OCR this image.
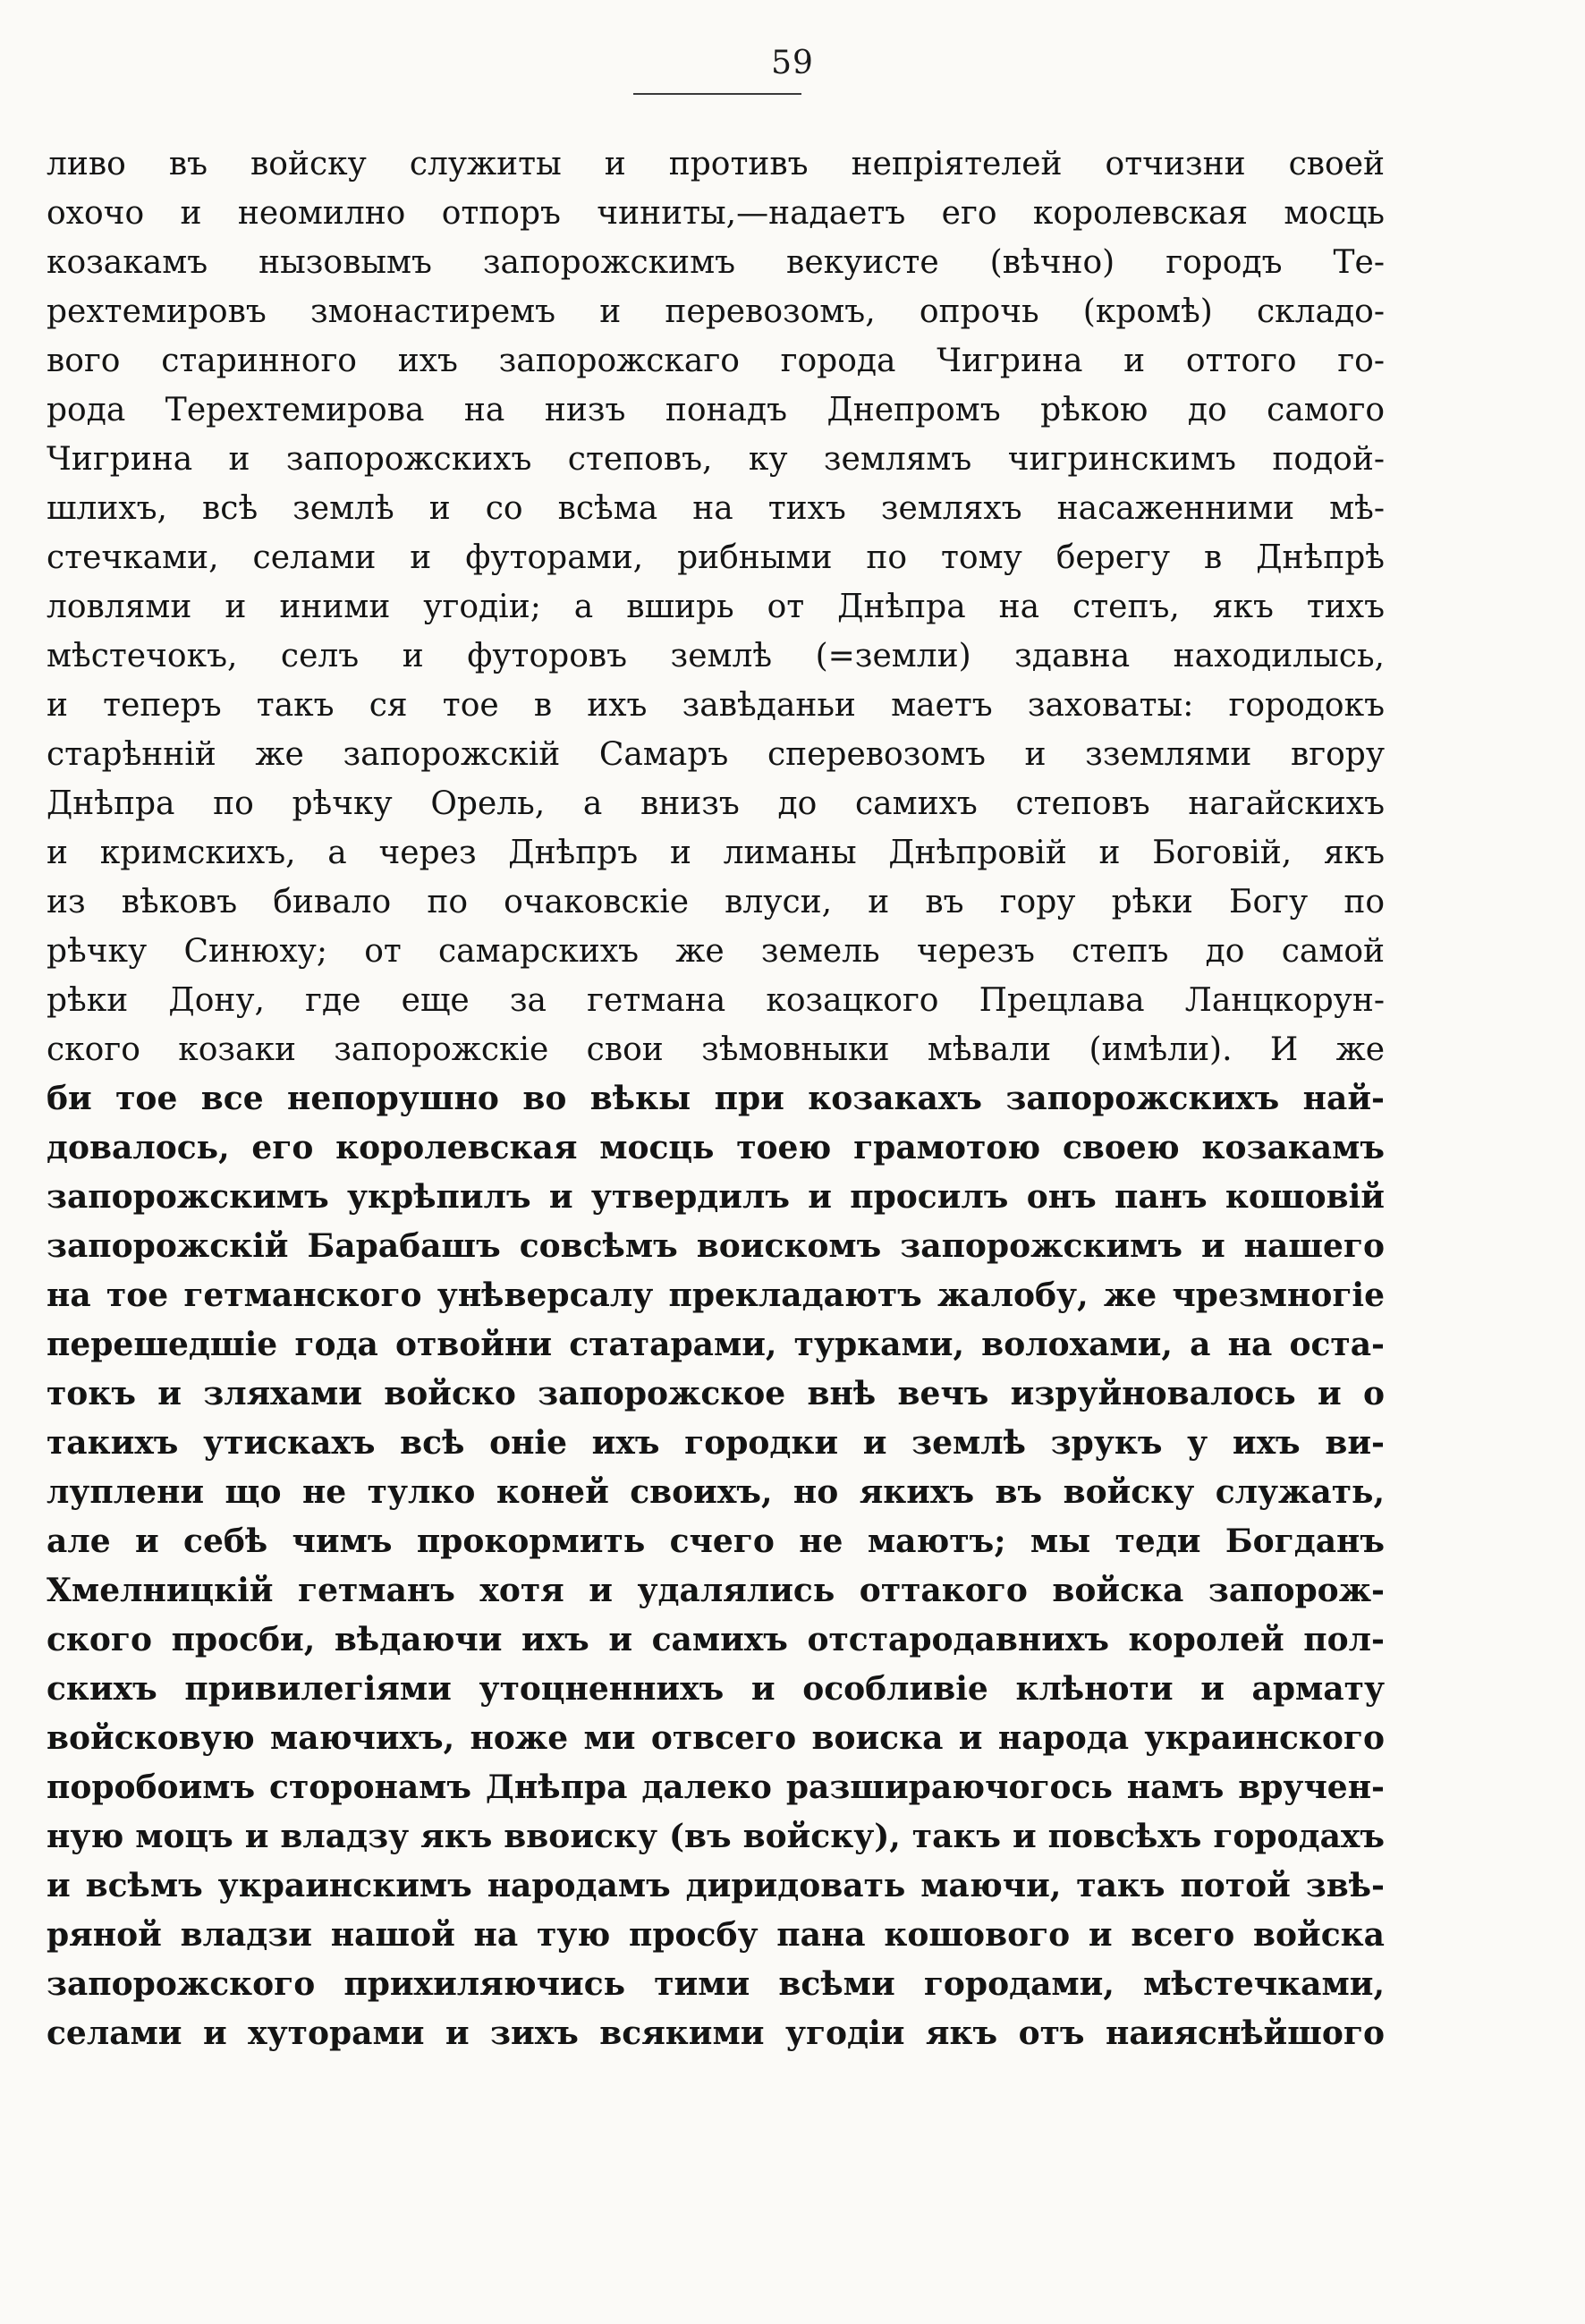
59
ливо въ войску служиты и противъ непріятелей отчизни своей
охочо и неомилно отпоръ чиниты,—надаетъ его королевская мосць
козакамъ нызовымъ запорожскимъ векуисте (вѣчно) городъ Те-
рехтемировъ змонастиремъ и перевозомъ, опрочь (кромѣ) складо-
вого старинного ихъ запорожскаго города Чигрина и оттого го-
рода Терехтемирова на низъ понадъ Днепромъ рѣкою до самого
Чигрина и запорожскихъ степовъ, ку землямъ чигринскимъ подой-
шлихъ, всѣ землѣ и со всѣма на тихъ земляхъ насаженними мѣ-
стечками, селами и футорами, рибными по тому берегу в Днѣпрѣ
ловлями и иними угодіи; а вширь от Днѣпра на степъ, якъ тихъ
мѣстечокъ, селъ и футоровъ землѣ (=земли) здавна находилысь,
и теперъ такъ ся тое в ихъ завѣданьи маетъ заховаты: городокъ
старѣнній же запорожскій Самаръ сперевозомъ и зземлями вгору
Днѣпра по рѣчку Орель, а внизъ до самихъ степовъ нагайскихъ
и кримскихъ, а через Днѣпръ и лиманы Днѣпровій и Боговій, якъ
из вѣковъ бивало по очаковскіе влуси, и въ гору рѣки Богу по
рѣчку Синюху; от самарскихъ же земель черезъ степъ до самой
рѣки Дону, где еще за гетмана козацкого Прецлава Ланцкорун-
ского козаки запорожскіе свои зѣмовныки мѣвали (имѣли). И же
би тое все непорушно во вѣкы при козакахъ запорожскихъ най-
довалось, его королевская мосць тоею грамотою своею козакамъ
запорожскимъ укрѣпилъ и утвердилъ и просилъ онъ панъ кошовій
запорожскій Барабашъ совсѣмъ воискомъ запорожскимъ и нашего
на тое гетманского унѣверсалу прекладаютъ жалобу, же чрезмногіе
перешедшіе года отвойни статарами, турками, волохами, а на оста-
токъ и зляхами войско запорожское внѣ вечъ изруйновалось и о
такихъ утискахъ всѣ оніе ихъ городки и землѣ зрукъ у ихъ ви-
луплени що не тулко коней своихъ, но якихъ въ войску служать,
але и себѣ чимъ прокормить счего не маютъ; мы теди Богданъ
Хмелницкій гетманъ хотя и удалялись оттакого войска запорож-
ского просби, вѣдаючи ихъ и самихъ отстародавнихъ королей пол-
скихъ привилегіями утоцненнихъ и особливіе клѣноти и армату
войсковую маючихъ, ноже ми отвсего воиска и народа украинского
поробоимъ сторонамъ Днѣпра далеко разшираючогось намъ вручен-
ную моцъ и владзу якъ ввоиску (въ войску), такъ и повсѣхъ городахъ
и всѣмъ украинскимъ народамъ диридовать маючи, такъ потой звѣ-
ряной владзи нашой на тую просбу пана кошового и всего войска
запорожского прихиляючись тими всѣми городами, мѣстечками,
селами и хуторами и зихъ всякими угодіи якъ отъ наияснѣйшого
